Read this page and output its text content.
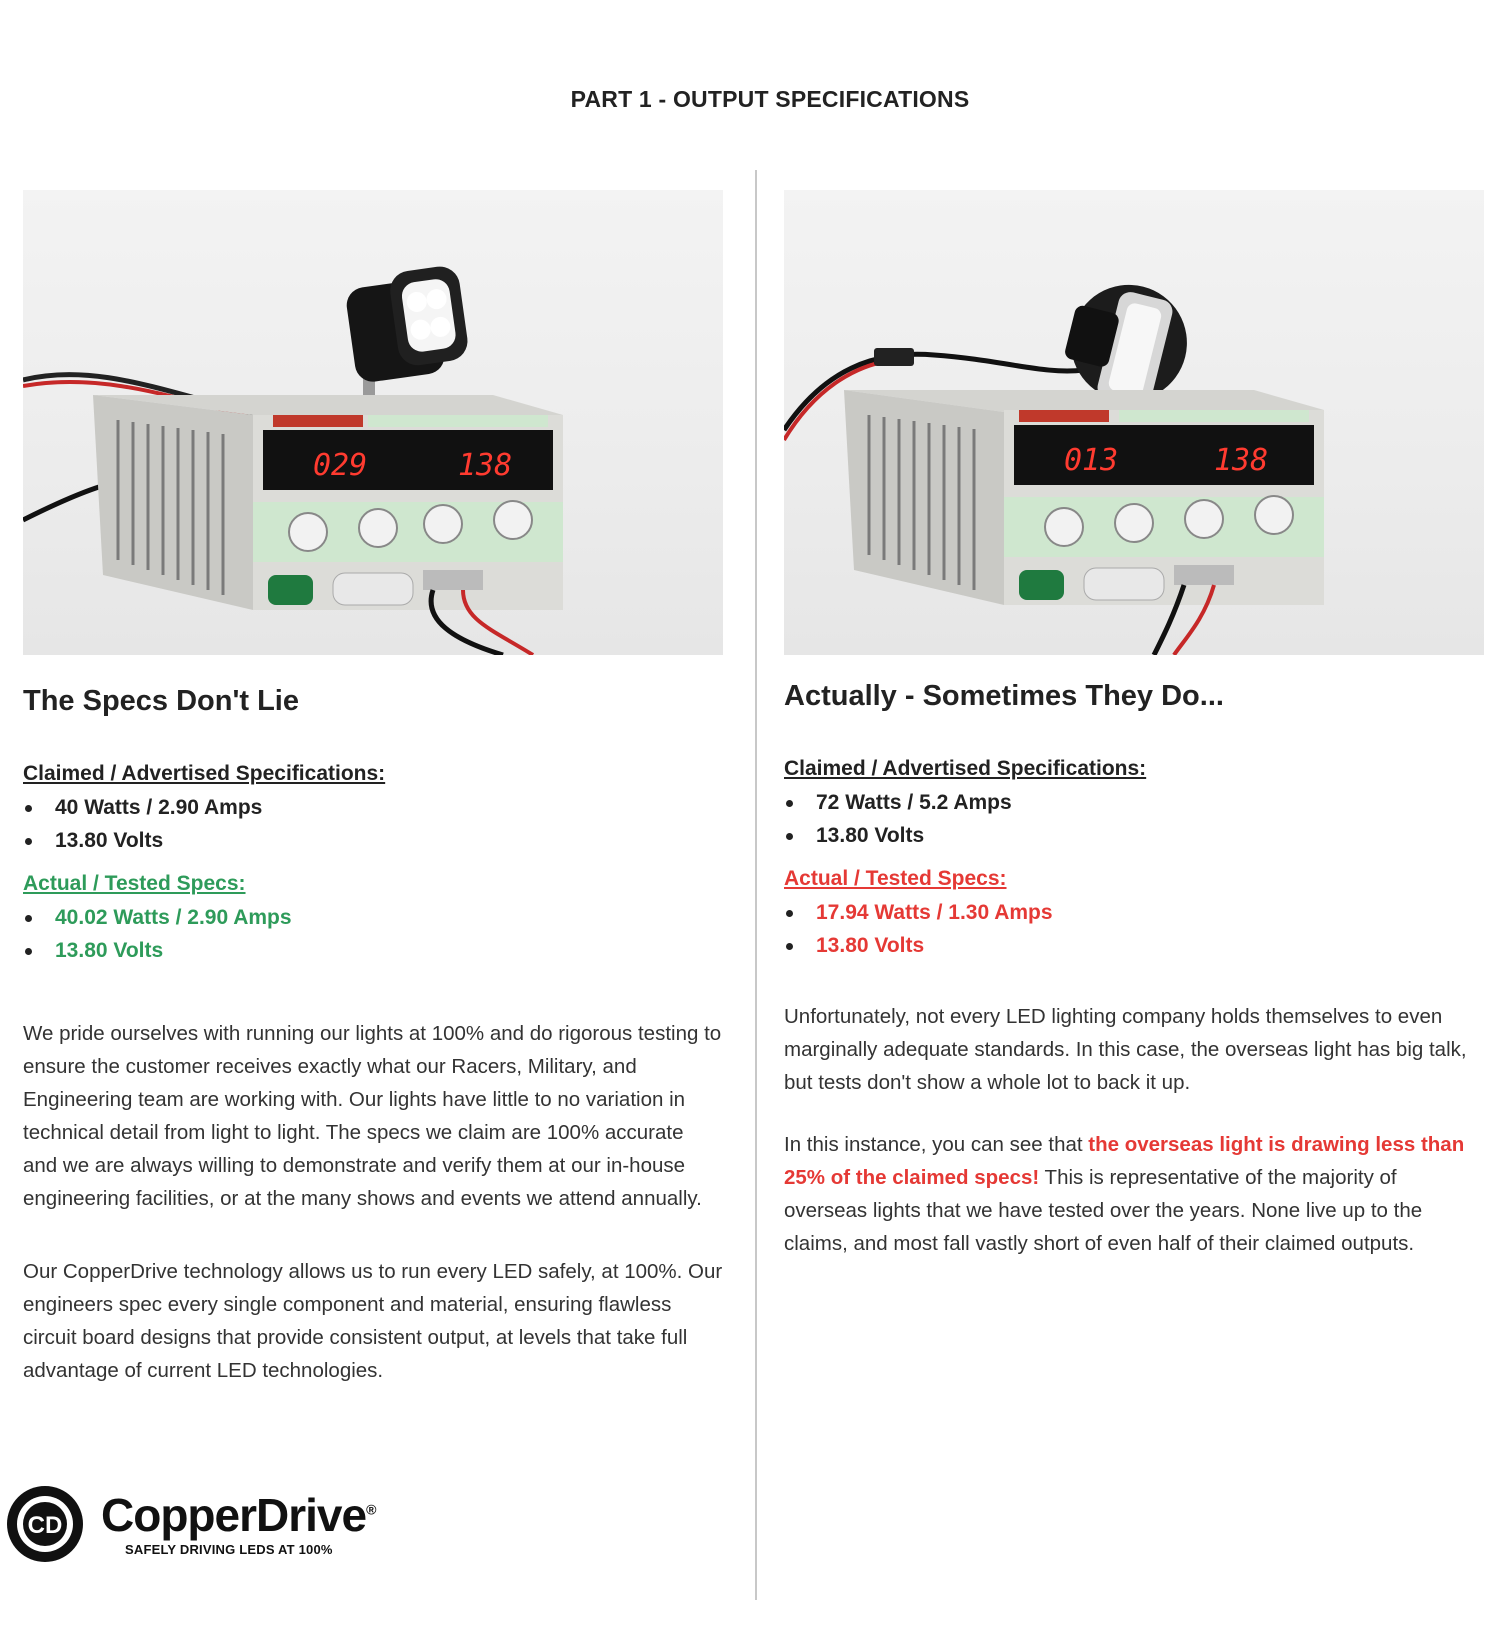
PART 1 - OUTPUT SPECIFICATIONS
029	138
The Specs Don't Lie
Claimed / Advertised Specifications:
40 Watts / 2.90 Amps
13.80 Volts
Actual / Tested Specs:
40.02 Watts / 2.90 Amps
13.80 Volts

We pride ourselves with running our lights at 100% and do rigorous testing to ensure the customer receives exactly what our Racers, Military, and Engineering team are working with. Our lights have little to no variation in technical detail from light to light. The specs we claim are 100% accurate and we are always willing to demonstrate and verify them at our in-house engineering facilities, or at the many shows and events we attend annually.

Our CopperDrive technology allows us to run every LED safely, at 100%. Our engineers spec every single component and material, ensuring flawless circuit board designs that provide consistent output, at levels that take full advantage of current LED technologies.

013	138
Actually - Sometimes They Do...
Claimed / Advertised Specifications:
72 Watts / 5.2 Amps
13.80 Volts
Actual / Tested Specs:
17.94 Watts / 1.30 Amps
13.80 Volts

Unfortunately, not every LED lighting company holds themselves to even marginally adequate standards. In this case, the overseas light has big talk, but tests don't show a whole lot to back it up.

In this instance, you can see that the overseas light is drawing less than 25% of the claimed specs! This is representative of the majority of overseas lights that we have tested over the years. None live up to the claims, and most fall vastly short of even half of their claimed outputs.

CD CopperDrive®
SAFELY DRIVING LEDS AT 100%
